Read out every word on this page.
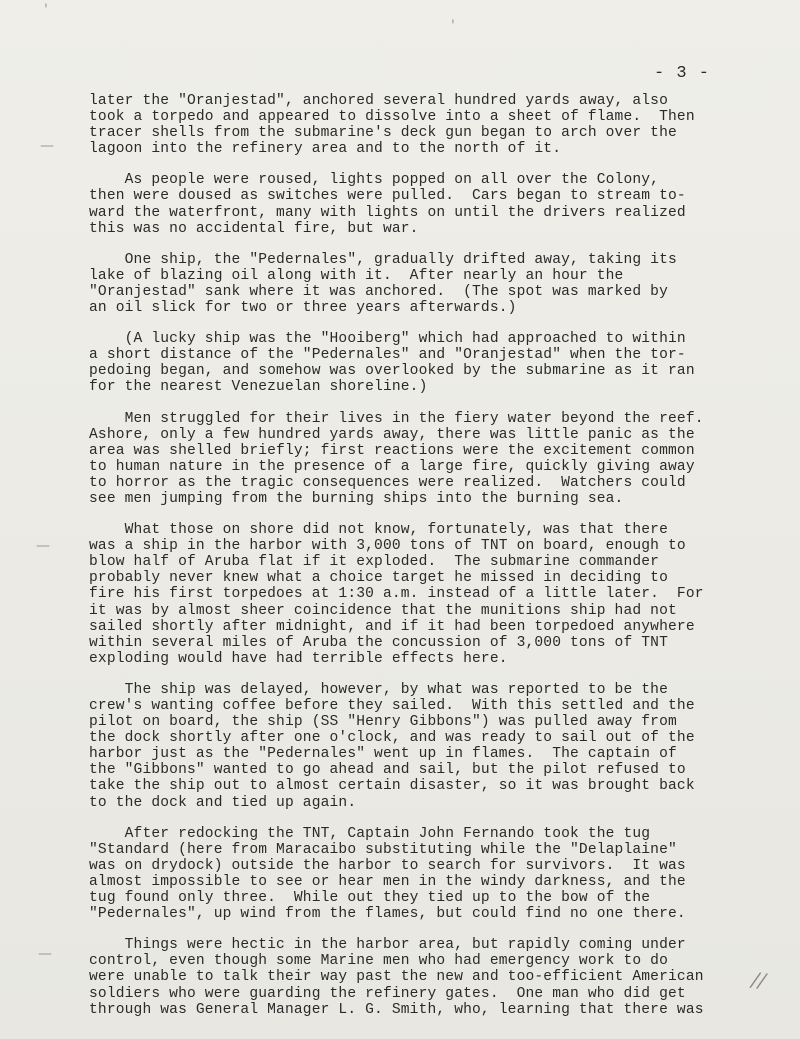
'
'
—
—
—
- 3 -
later the "Oranjestad", anchored several hundred yards away, also
took a torpedo and appeared to dissolve into a sheet of flame.  Then
tracer shells from the submarine's deck gun began to arch over the
lagoon into the refinery area and to the north of it.
As people were roused, lights popped on all over the Colony,
then were doused as switches were pulled.  Cars began to stream to-
ward the waterfront, many with lights on until the drivers realized
this was no accidental fire, but war.
One ship, the "Pedernales", gradually drifted away, taking its
lake of blazing oil along with it.  After nearly an hour the
"Oranjestad" sank where it was anchored.  (The spot was marked by
an oil slick for two or three years afterwards.)
(A lucky ship was the "Hooiberg" which had approached to within
a short distance of the "Pedernales" and "Oranjestad" when the tor-
pedoing began, and somehow was overlooked by the submarine as it ran
for the nearest Venezuelan shoreline.)
Men struggled for their lives in the fiery water beyond the reef.
Ashore, only a few hundred yards away, there was little panic as the
area was shelled briefly; first reactions were the excitement common
to human nature in the presence of a large fire, quickly giving away
to horror as the tragic consequences were realized.  Watchers could
see men jumping from the burning ships into the burning sea.
What those on shore did not know, fortunately, was that there
was a ship in the harbor with 3,000 tons of TNT on board, enough to
blow half of Aruba flat if it exploded.  The submarine commander
probably never knew what a choice target he missed in deciding to
fire his first torpedoes at 1:30 a.m. instead of a little later.  For
it was by almost sheer coincidence that the munitions ship had not
sailed shortly after midnight, and if it had been torpedoed anywhere
within several miles of Aruba the concussion of 3,000 tons of TNT
exploding would have had terrible effects here.
The ship was delayed, however, by what was reported to be the
crew's wanting coffee before they sailed.  With this settled and the
pilot on board, the ship (SS "Henry Gibbons") was pulled away from
the dock shortly after one o'clock, and was ready to sail out of the
harbor just as the "Pedernales" went up in flames.  The captain of
the "Gibbons" wanted to go ahead and sail, but the pilot refused to
take the ship out to almost certain disaster, so it was brought back
to the dock and tied up again.
After redocking the TNT, Captain John Fernando took the tug
"Standard (here from Maracaibo substituting while the "Delaplaine"
was on drydock) outside the harbor to search for survivors.  It was
almost impossible to see or hear men in the windy darkness, and the
tug found only three.  While out they tied up to the bow of the
"Pedernales", up wind from the flames, but could find no one there.
Things were hectic in the harbor area, but rapidly coming under
control, even though some Marine men who had emergency work to do
were unable to talk their way past the new and too-efficient American
soldiers who were guarding the refinery gates.  One man who did get
through was General Manager L. G. Smith, who, learning that there was
//
